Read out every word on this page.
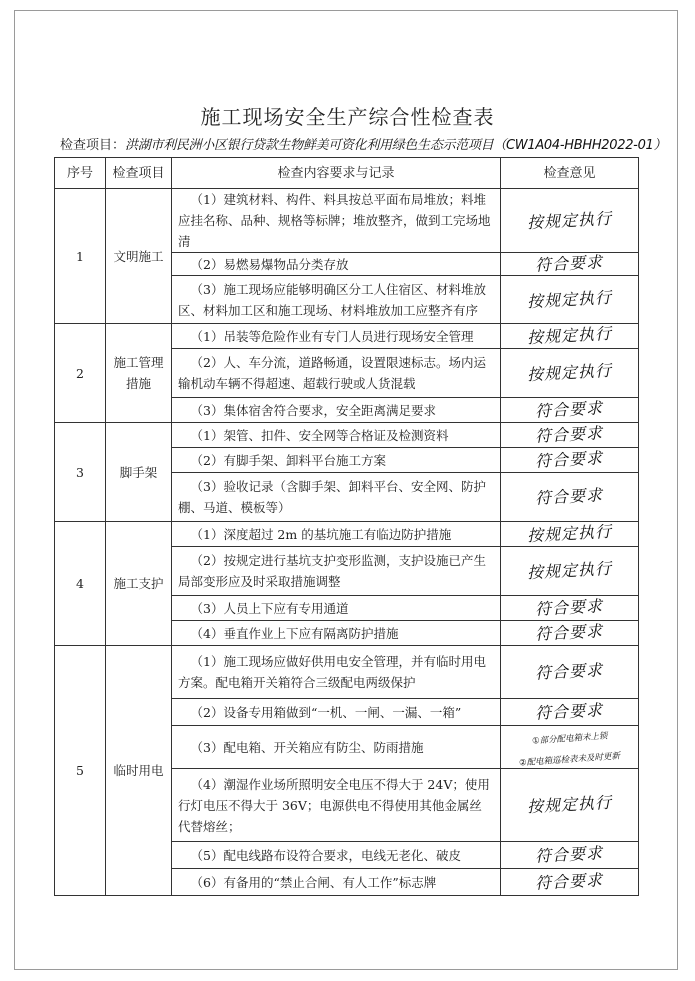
施工现场安全生产综合性检查表
检查项目：洪湖市利民洲小区银行贷款生物鲜美可资化利用绿色生态示范项目（CW1A04-HBHH2022-01）
序号	检查项目	检查内容要求与记录	检查意见
1	文明施工	（1）建筑材料、构件、料具按总平面布局堆放；料堆应挂名称、品种、规格等标牌；堆放整齐，做到工完场地清	按规定执行
		（2）易燃易爆物品分类存放	符合要求
		（3）施工现场应能够明确区分工人住宿区、材料堆放区、材料加工区和施工现场、材料堆放加工应整齐有序	按规定执行
2	施工管理措施	（1）吊装等危险作业有专门人员进行现场安全管理	按规定执行
		（2）人、车分流，道路畅通，设置限速标志。场内运输机动车辆不得超速、超载行驶或人货混载	按规定执行
		（3）集体宿舍符合要求，安全距离满足要求	符合要求
3	脚手架	（1）架管、扣件、安全网等合格证及检测资料	符合要求
		（2）有脚手架、卸料平台施工方案	符合要求
		（3）验收记录（含脚手架、卸料平台、安全网、防护棚、马道、模板等）	符合要求
4	施工支护	（1）深度超过 2m 的基坑施工有临边防护措施	按规定执行
		（2）按规定进行基坑支护变形监测，支护设施已产生局部变形应及时采取措施调整	按规定执行
		（3）人员上下应有专用通道	符合要求
		（4）垂直作业上下应有隔离防护措施	符合要求
5	临时用电	（1）施工现场应做好供用电安全管理，并有临时用电方案。配电箱开关箱符合三级配电两级保护	符合要求
		（2）设备专用箱做到“一机、一闸、一漏、一箱”	符合要求
		（3）配电箱、开关箱应有防尘、防雨措施	①部分配电箱未上锁
②配电箱巡检表未及时更新
		（4）潮湿作业场所照明安全电压不得大于 24V；使用行灯电压不得大于 36V；电源供电不得使用其他金属丝代替熔丝；	按规定执行
		（5）配电线路布设符合要求，电线无老化、破皮	符合要求
		（6）有备用的“禁止合闸、有人工作”标志牌	符合要求
